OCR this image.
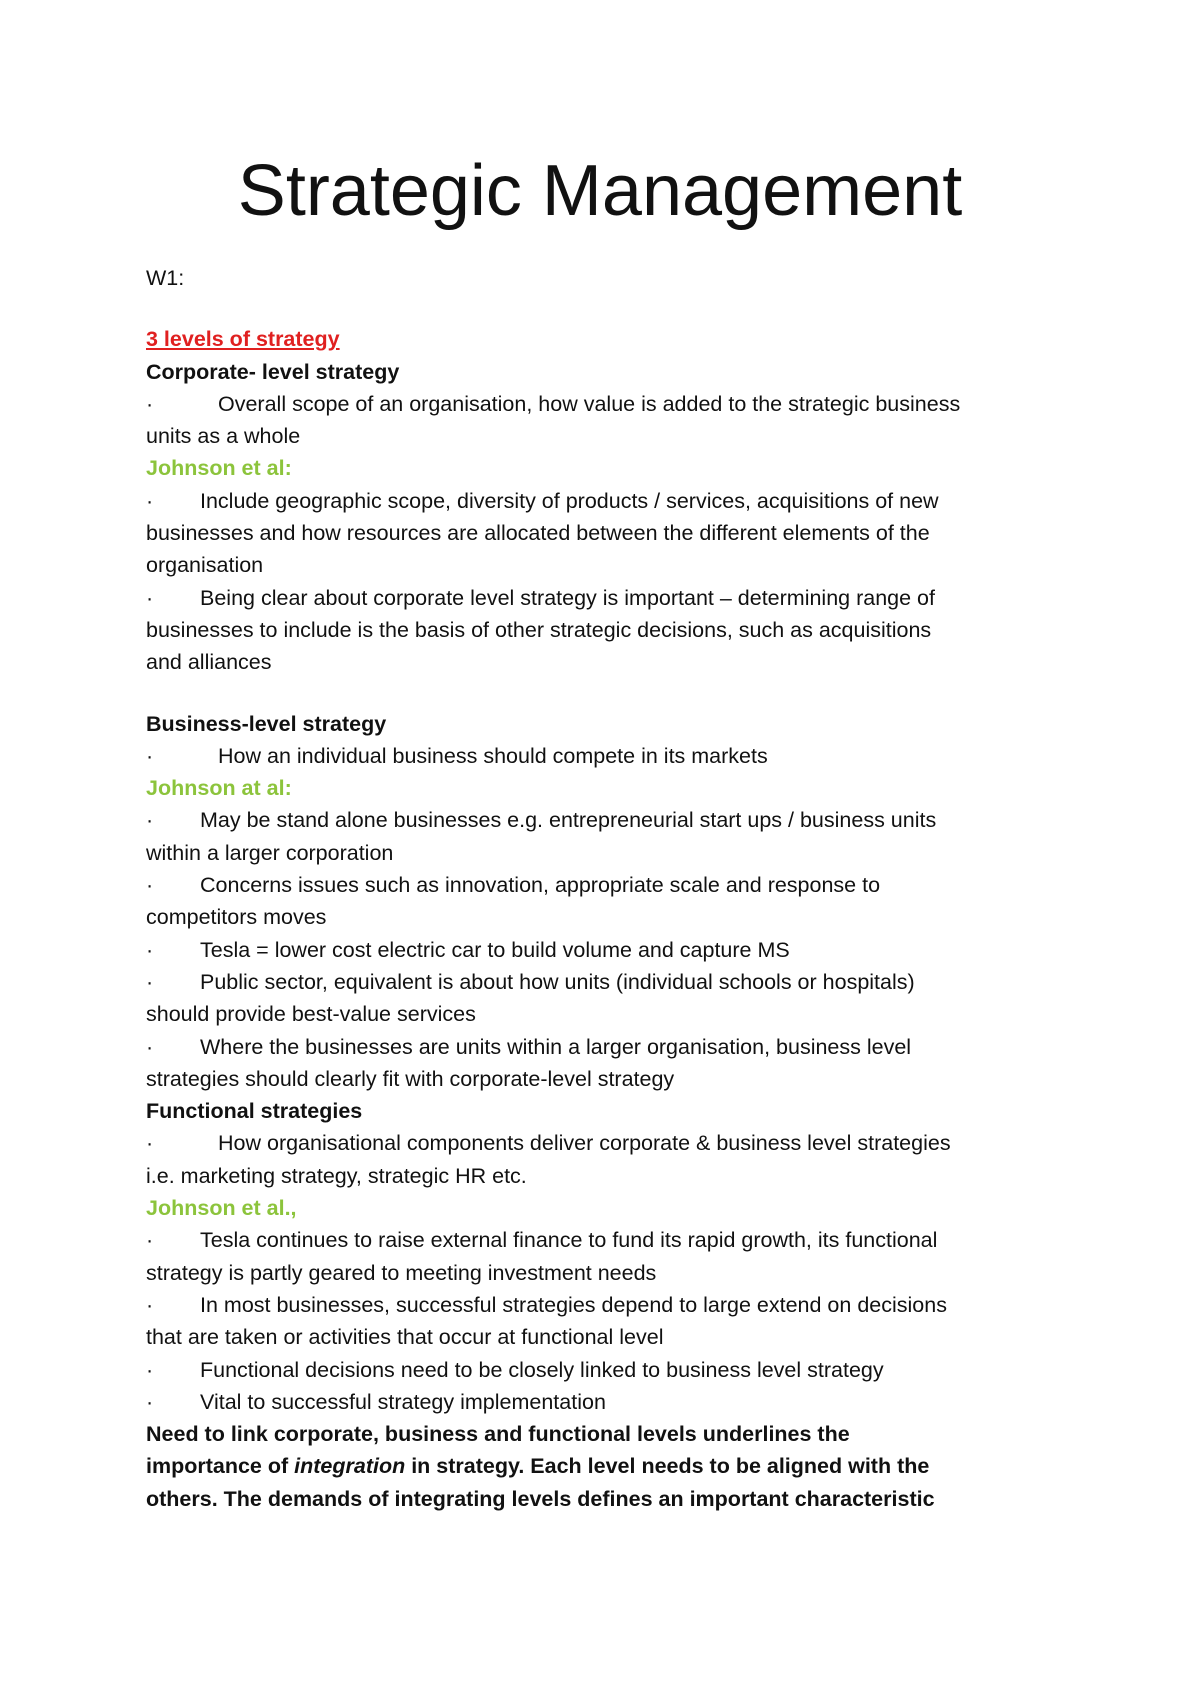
Strategic Management

W1:

3 levels of strategy

Corporate- level strategy

·	Overall scope of an organisation, how value is added to the strategic business

units as a whole

Johnson et al:

· Include geographic scope, diversity of products / services, acquisitions of new

businesses and how resources are allocated between the different elements of the

organisation

· Being clear about corporate level strategy is important – determining range of

businesses to include is the basis of other strategic decisions, such as acquisitions

and alliances

Business-level strategy

·	How an individual business should compete in its markets

Johnson at al:

· May be stand alone businesses e.g. entrepreneurial start ups / business units

within a larger corporation

· Concerns issues such as innovation, appropriate scale and response to

competitors moves

· Tesla = lower cost electric car to build volume and capture MS

· Public sector, equivalent is about how units (individual schools or hospitals)

should provide best-value services

· Where the businesses are units within a larger organisation, business level

strategies should clearly fit with corporate-level strategy

Functional strategies

·	How organisational components deliver corporate & business level strategies

i.e. marketing strategy, strategic HR etc.

Johnson et al.,

· Tesla continues to raise external finance to fund its rapid growth, its functional

strategy is partly geared to meeting investment needs

· In most businesses, successful strategies depend to large extend on decisions

that are taken or activities that occur at functional level

· Functional decisions need to be closely linked to business level strategy

· Vital to successful strategy implementation

Need to link corporate, business and functional levels underlines the

importance of integration in strategy. Each level needs to be aligned with the

others. The demands of integrating levels defines an important characteristic
